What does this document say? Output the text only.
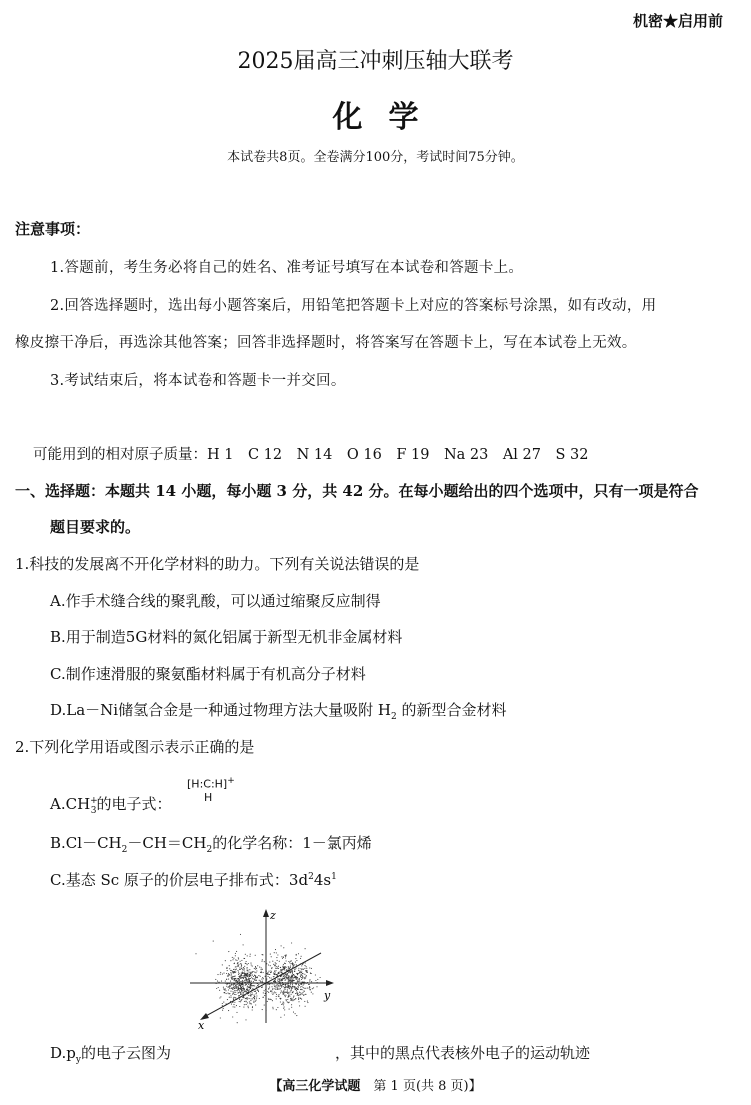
机密★启用前
2025届高三冲刺压轴大联考
化学
本试卷共8页。全卷满分100分，考试时间75分钟。
注意事项：
1.答题前，考生务必将自己的姓名、准考证号填写在本试卷和答题卡上。
2.回答选择题时，选出每小题答案后，用铅笔把答题卡上对应的答案标号涂黑，如有改动，用
橡皮擦干净后，再选涂其他答案；回答非选择题时，将答案写在答题卡上，写在本试卷上无效。
3.考试结束后，将本试卷和答题卡一并交回。
可能用到的相对原子质量：H 1　C 12　N 14　O 16　F 19　Na 23　Al 27　S 32
一、选择题：本题共 14 小题，每小题 3 分，共 42 分。在每小题给出的四个选项中，只有一项是符合
题目要求的。
1.科技的发展离不开化学材料的助力。下列有关说法错误的是
A.作手术缝合线的聚乳酸，可以通过缩聚反应制得
B.用于制造5G材料的氮化铝属于新型无机非金属材料
C.制作速滑服的聚氨酯材料属于有机高分子材料
D.La－Ni储氢合金是一种通过物理方法大量吸附 $H_2$ 的新型合金材料
2.下列化学用语或图示表示正确的是
$A.CH^+_3$的电子式：
[H:C:H]+
H
$B.Cl-CH_2-CH=CH_2$的化学名称：1－氯丙烯
C.基态 Sc 原子的价层电子排布式：$3d^24s^1$
z
y
x
$D.p_y$的电子云图为	，其中的黑点代表核外电子的运动轨迹
【高三化学试题　 第 1 页(共 8 页)】
